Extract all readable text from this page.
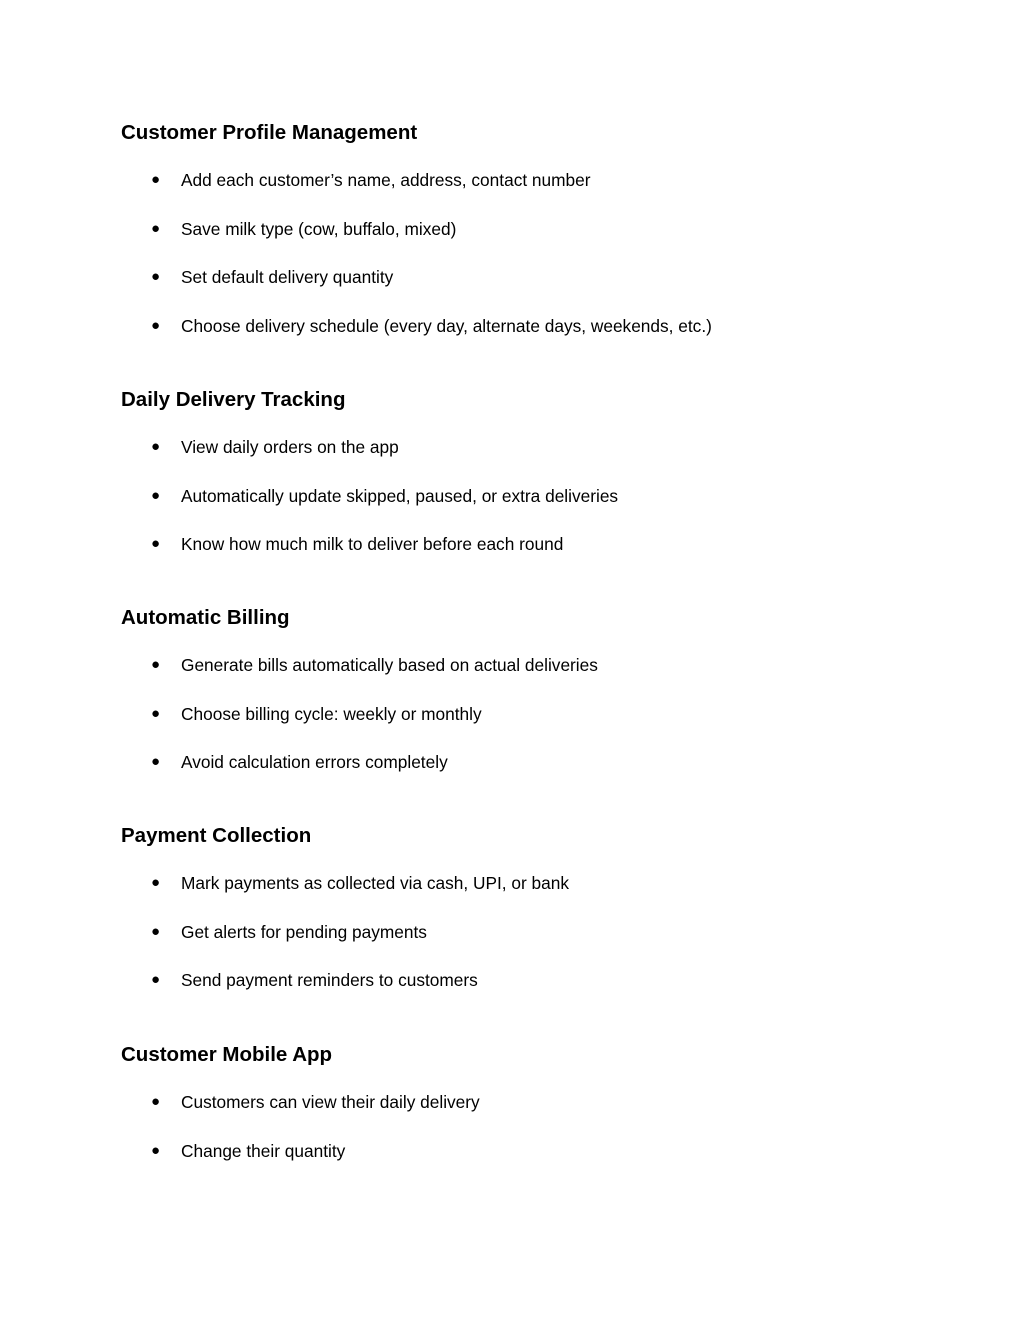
Customer Profile Management
● Add each customer’s name, address, contact number
● Save milk type (cow, buffalo, mixed)
● Set default delivery quantity
● Choose delivery schedule (every day, alternate days, weekends, etc.)
Daily Delivery Tracking
● View daily orders on the app
● Automatically update skipped, paused, or extra deliveries
● Know how much milk to deliver before each round
Automatic Billing
● Generate bills automatically based on actual deliveries
● Choose billing cycle: weekly or monthly
● Avoid calculation errors completely
Payment Collection
● Mark payments as collected via cash, UPI, or bank
● Get alerts for pending payments
● Send payment reminders to customers
Customer Mobile App
● Customers can view their daily delivery
● Change their quantity
